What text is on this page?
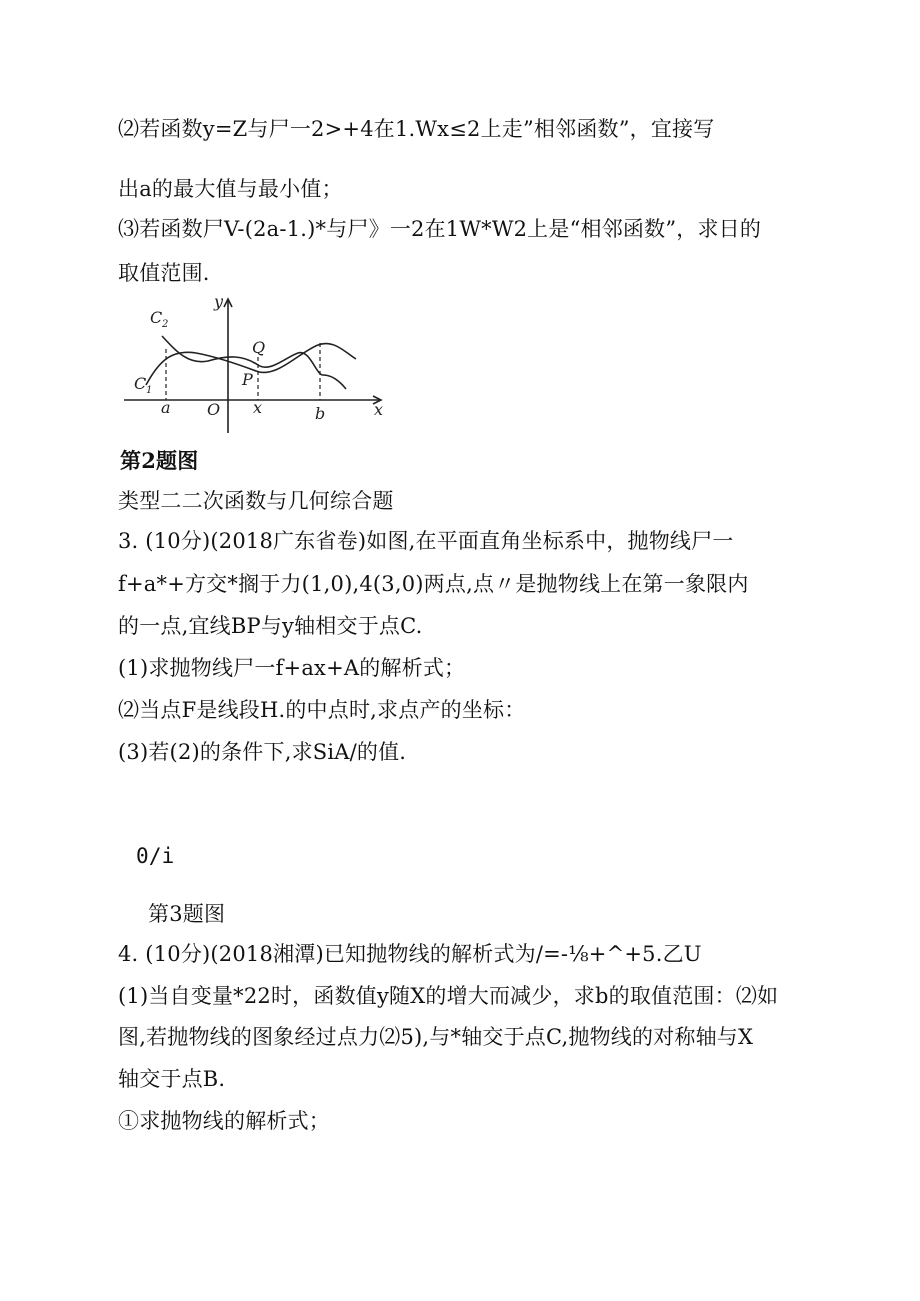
⑵若函数y=Z与尸一2>+4在1.Wx≤2上走”相邻函数”，宜接写
出a的最大值与最小值；
⑶若函数尸V-(2a-1.)*与尸》一2在1W*W2上是“相邻函数”，求日的
取值范围.
C 2
C 1
y
x
Q
P
a O x	b
第2题图
类型二二次函数与几何综合题
3. (10分)(2018广东省卷)如图,在平面直角坐标系中，抛物线尸一
f+a*+方交*搁于力(1,0),4(3,0)两点,点〃是抛物线上在第一象限内
的一点,宜线BP与y轴相交于点C.
(1)求抛物线尸一f+ax+A的解析式；
⑵当点F是线段H.的中点时,求点产的坐标：
(3)若(2)的条件下,求SiA/的值.
0/i
第3题图
4. (10分)(2018湘潭)已知抛物线的解析式为/=-⅛+^+5.乙U
(1)当自变量*22时，函数值y随X的增大而减少，求b的取值范围：⑵如
图,若抛物线的图象经过点力⑵5),与*轴交于点C,抛物线的对称轴与X
轴交于点B.
①求抛物线的解析式；
